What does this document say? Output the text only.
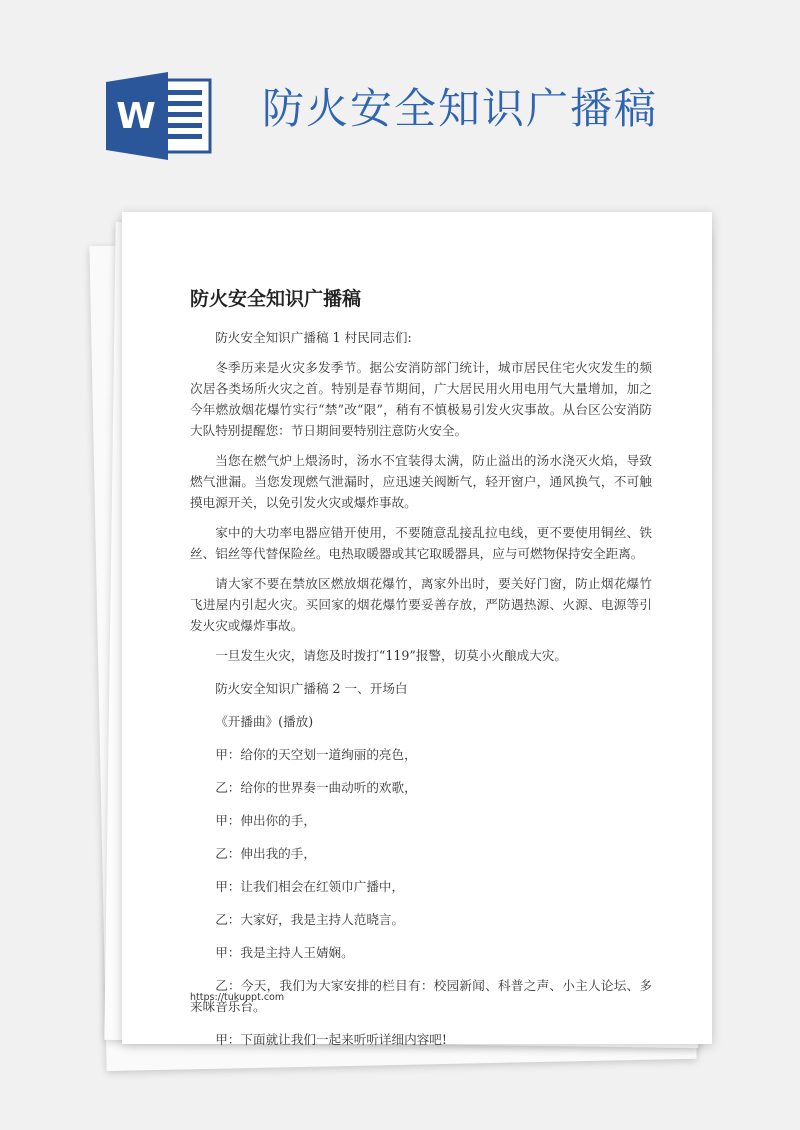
W	防火安全知识广播稿
防火安全知识广播稿

防火安全知识广播稿 1 村民同志们:

冬季历来是火灾多发季节。据公安消防部门统计，城市居民住宅火灾发生的频次居各类场所火灾之首。特别是春节期间，广大居民用火用电用气大量增加，加之今年燃放烟花爆竹实行“禁”改“限”，稍有不慎极易引发火灾事故。从台区公安消防大队特别提醒您：节日期间要特别注意防火安全。

当您在燃气炉上煨汤时，汤水不宜装得太满，防止溢出的汤水浇灭火焰，导致燃气泄漏。当您发现燃气泄漏时，应迅速关阀断气，轻开窗户，通风换气，不可触摸电源开关，以免引发火灾或爆炸事故。

家中的大功率电器应错开使用，不要随意乱接乱拉电线，更不要使用铜丝、铁丝、铝丝等代替保险丝。电热取暖器或其它取暖器具，应与可燃物保持安全距离。

请大家不要在禁放区燃放烟花爆竹，离家外出时，要关好门窗，防止烟花爆竹飞进屋内引起火灾。买回家的烟花爆竹要妥善存放，严防遇热源、火源、电源等引发火灾或爆炸事故。

一旦发生火灾，请您及时拨打“119”报警，切莫小火酿成大灾。

防火安全知识广播稿 2 一、开场白

《开播曲》(播放)

甲：给你的天空划一道绚丽的亮色，

乙：给你的世界奏一曲动听的欢歌，

甲：伸出你的手，

乙：伸出我的手，

甲：让我们相会在红领巾广播中，

乙：大家好，我是主持人范晓言。

甲：我是主持人王婧娴。

乙：今天，我们为大家安排的栏目有：校园新闻、科普之声、小主人论坛、多来咪音乐台。

甲：下面就让我们一起来听听详细内容吧!

https://tukuppt.com
